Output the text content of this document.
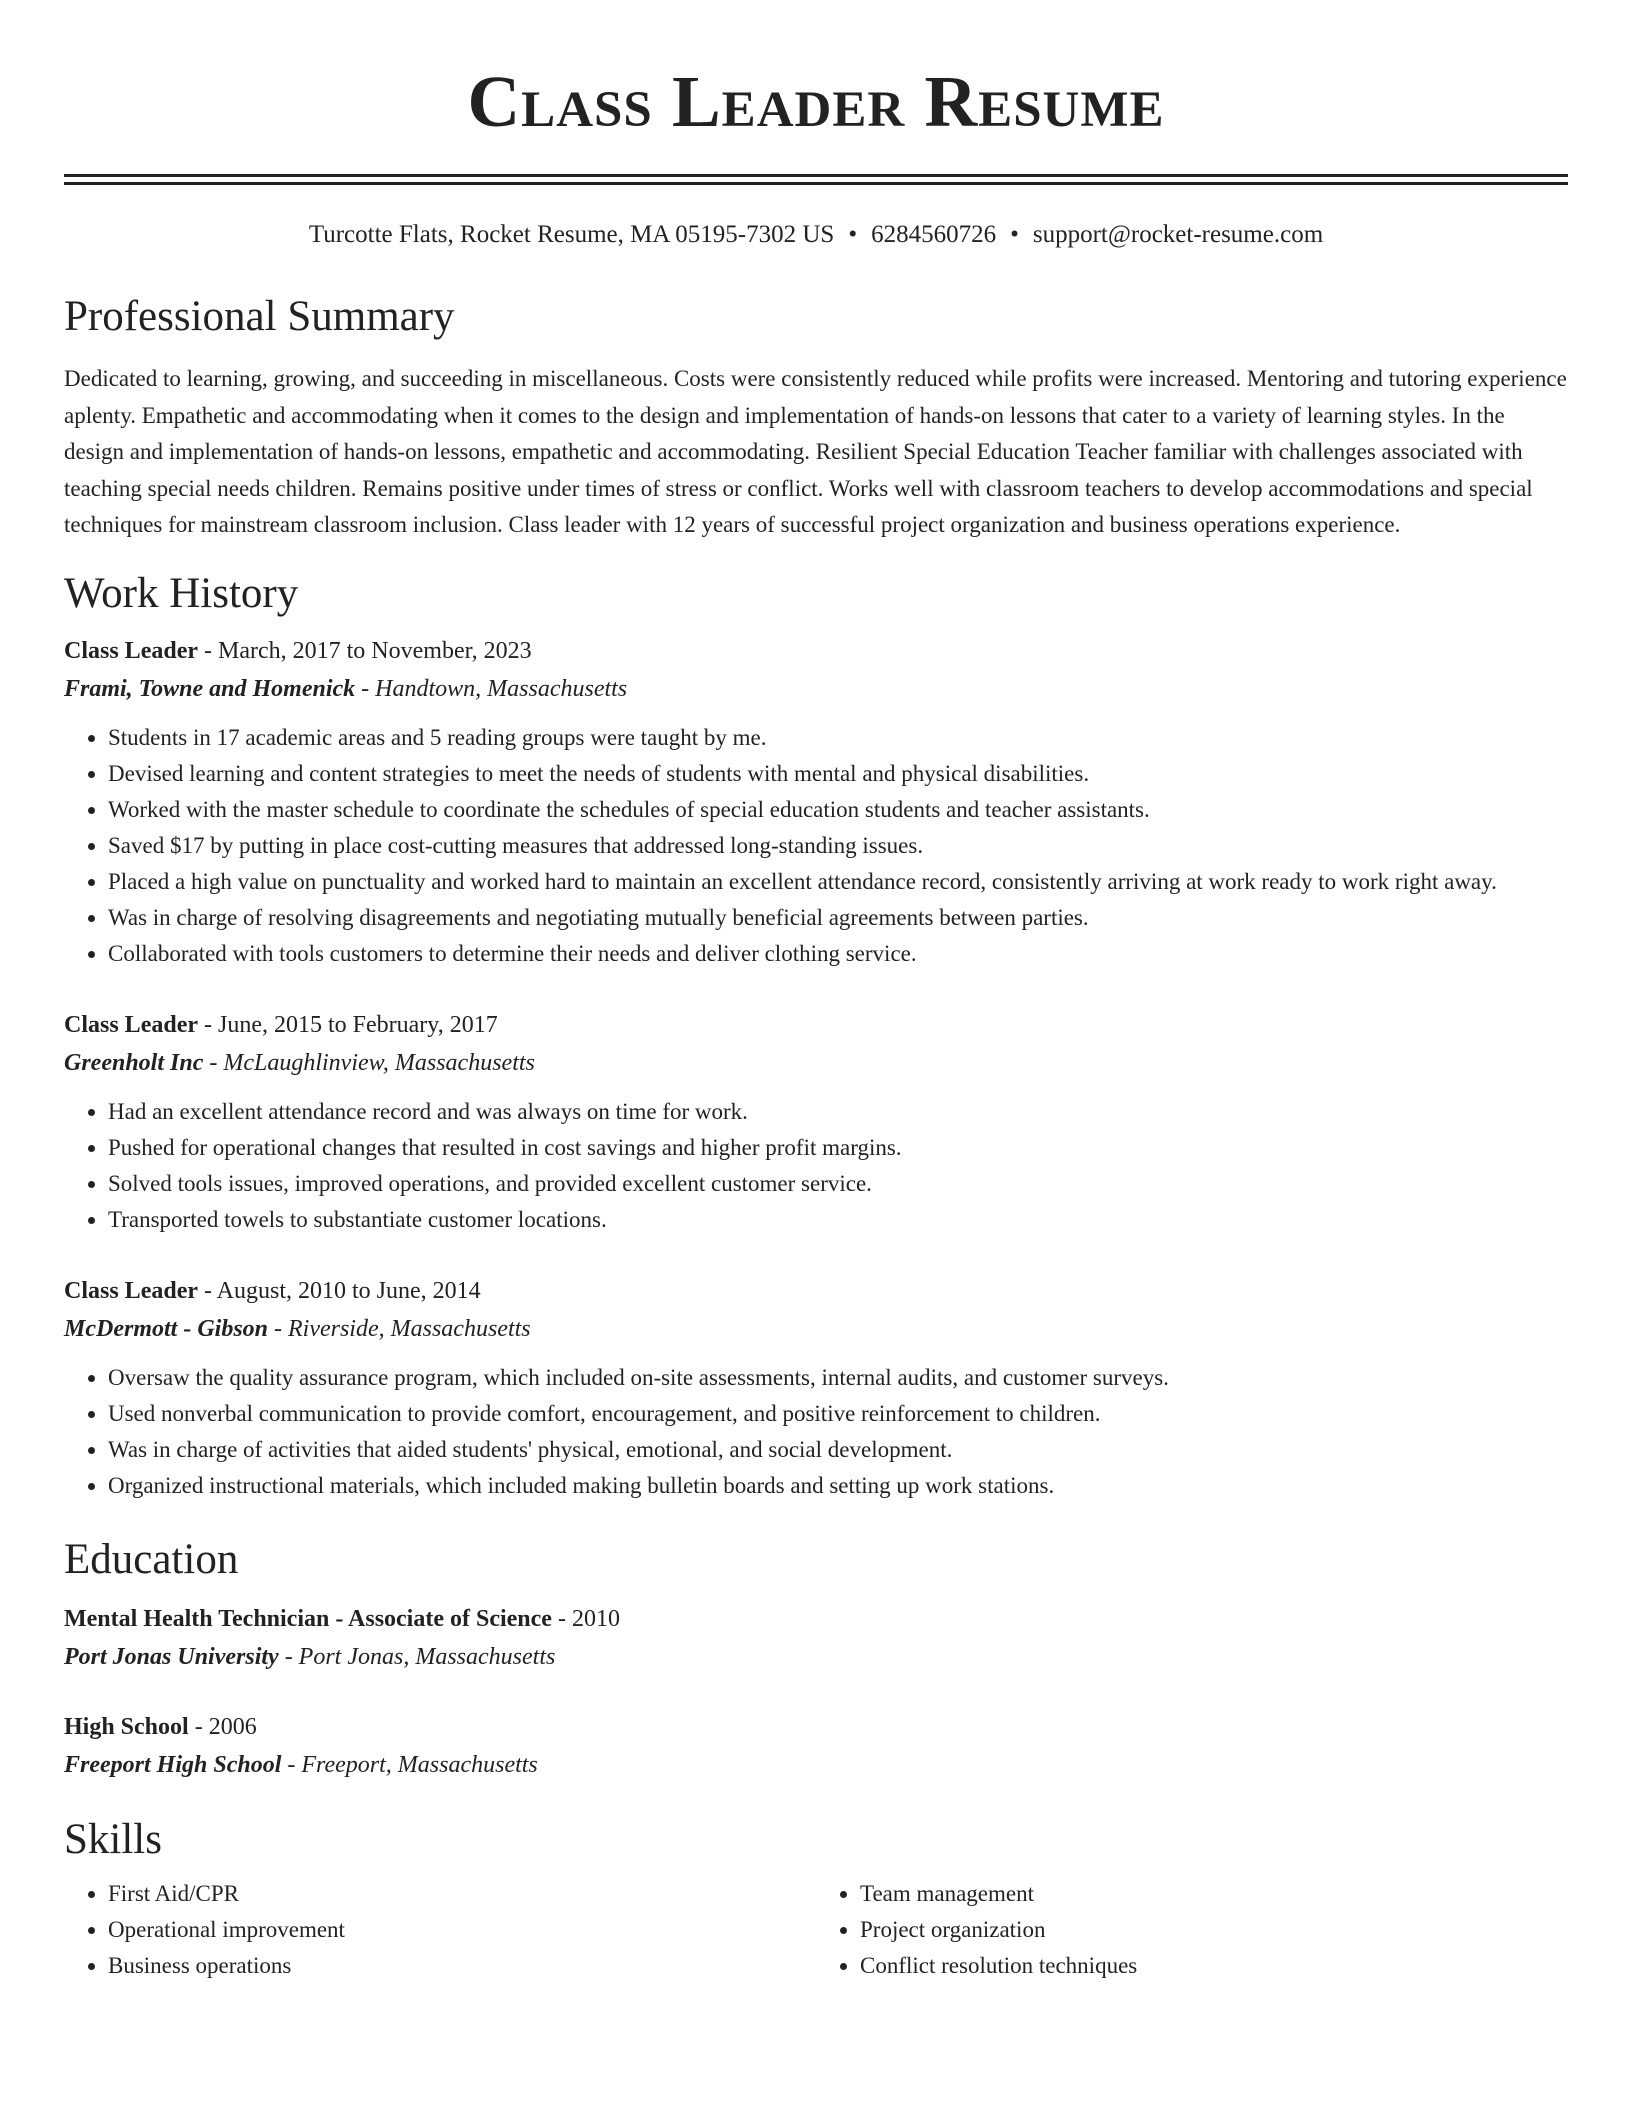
Class Leader Resume
Turcotte Flats, Rocket Resume, MA 05195-7302 US • 6284560726 • support@rocket-resume.com
Professional Summary
Dedicated to learning, growing, and succeeding in miscellaneous. Costs were consistently reduced while profits were increased. Mentoring and tutoring experience aplenty. Empathetic and accommodating when it comes to the design and implementation of hands-on lessons that cater to a variety of learning styles. In the design and implementation of hands-on lessons, empathetic and accommodating. Resilient Special Education Teacher familiar with challenges associated with teaching special needs children. Remains positive under times of stress or conflict. Works well with classroom teachers to develop accommodations and special techniques for mainstream classroom inclusion. Class leader with 12 years of successful project organization and business operations experience.
Work History
Class Leader - March, 2017 to November, 2023
Frami, Towne and Homenick - Handtown, Massachusetts
• Students in 17 academic areas and 5 reading groups were taught by me.
• Devised learning and content strategies to meet the needs of students with mental and physical disabilities.
• Worked with the master schedule to coordinate the schedules of special education students and teacher assistants.
• Saved $17 by putting in place cost-cutting measures that addressed long-standing issues.
• Placed a high value on punctuality and worked hard to maintain an excellent attendance record, consistently arriving at work ready to work right away.
• Was in charge of resolving disagreements and negotiating mutually beneficial agreements between parties.
• Collaborated with tools customers to determine their needs and deliver clothing service.
Class Leader - June, 2015 to February, 2017
Greenholt Inc - McLaughlinview, Massachusetts
• Had an excellent attendance record and was always on time for work.
• Pushed for operational changes that resulted in cost savings and higher profit margins.
• Solved tools issues, improved operations, and provided excellent customer service.
• Transported towels to substantiate customer locations.
Class Leader - August, 2010 to June, 2014
McDermott - Gibson - Riverside, Massachusetts
• Oversaw the quality assurance program, which included on-site assessments, internal audits, and customer surveys.
• Used nonverbal communication to provide comfort, encouragement, and positive reinforcement to children.
• Was in charge of activities that aided students' physical, emotional, and social development.
• Organized instructional materials, which included making bulletin boards and setting up work stations.
Education
Mental Health Technician - Associate of Science - 2010
Port Jonas University - Port Jonas, Massachusetts
High School - 2006
Freeport High School - Freeport, Massachusetts
Skills
• First Aid/CPR
• Operational improvement
• Business operations
• Team management
• Project organization
• Conflict resolution techniques
